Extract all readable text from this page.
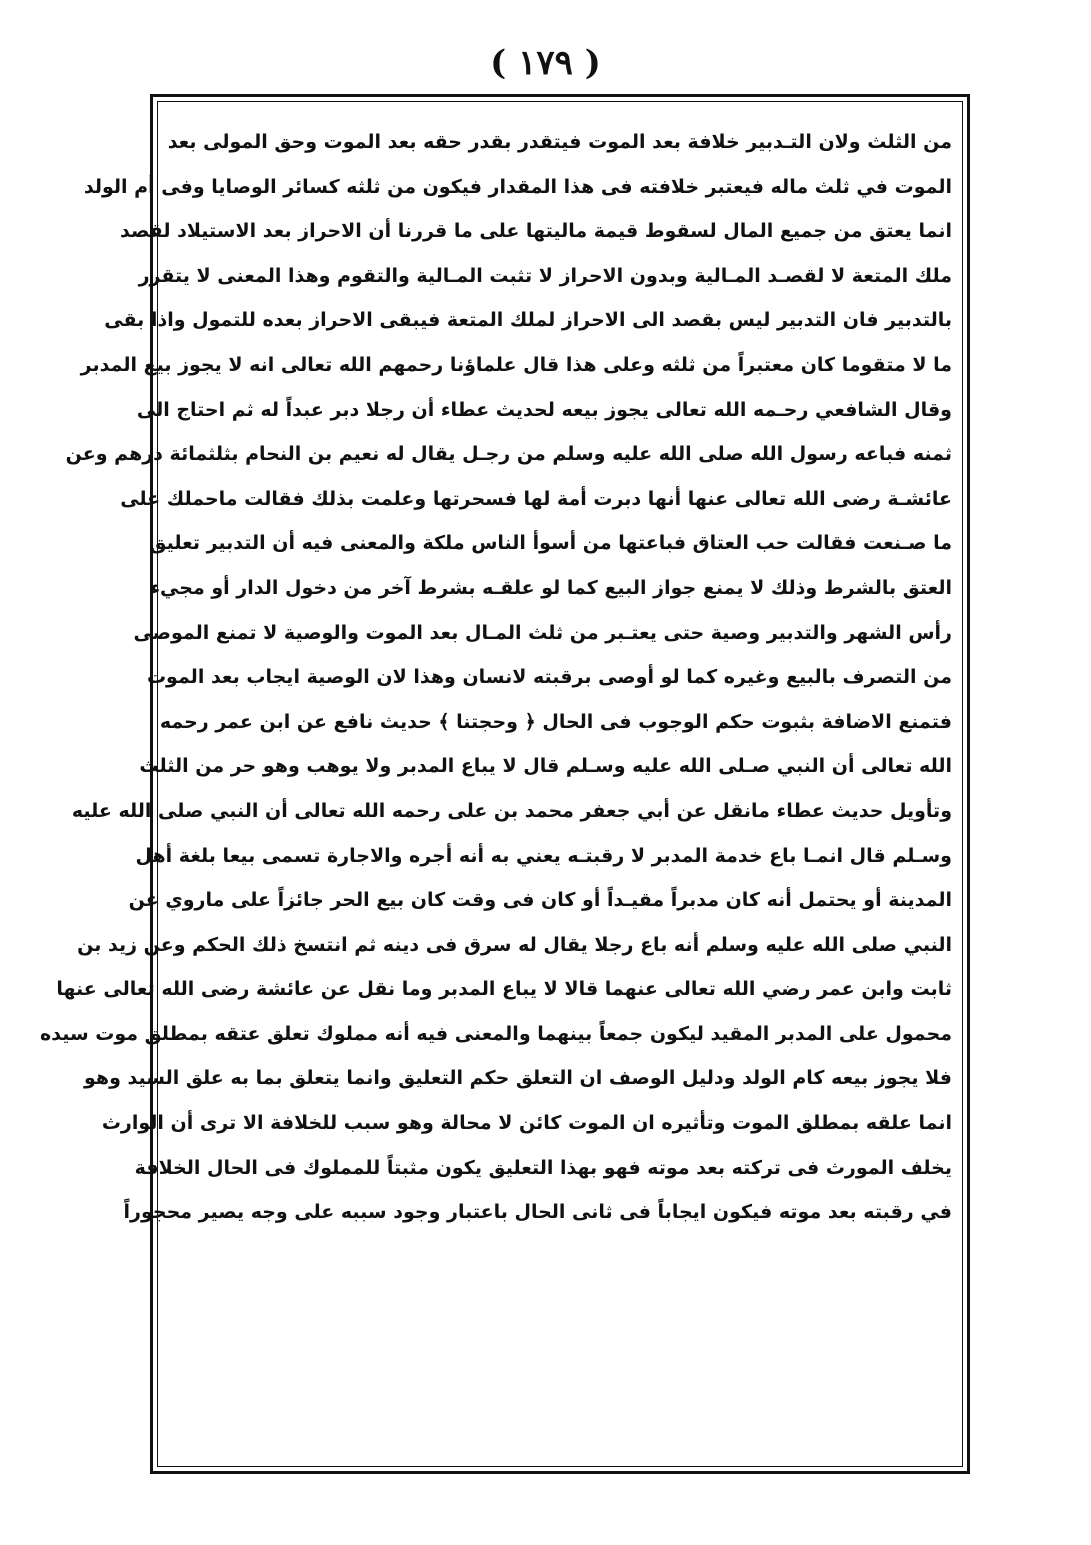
( ١٧٩ )
من الثلث ولان التـدبير خلافة بعد الموت فيتقدر بقدر حقه بعد الموت وحق المولى بعد
الموت في ثلث ماله فيعتبر خلافته فى هذا المقدار فيكون من ثلثه كسائر الوصايا وفى أم الولد
انما يعتق من جميع المال لسقوط قيمة ماليتها على ما قررنا أن الاحراز بعد الاستيلاد لقصد
ملك المتعة لا لقصـد المـالية وبدون الاحراز لا تثبت المـالية والتقوم وهذا المعنى لا يتقرر
بالتدبير فان التدبير ليس بقصد الى الاحراز لملك المتعة فيبقى الاحراز بعده للتمول واذا بقى
ما لا متقوما كان معتبراً من ثلثه وعلى هذا قال علماؤنا رحمهم الله تعالى انه لا يجوز بيع المدبر
وقال الشافعي رحـمه الله تعالى يجوز بيعه لحديث عطاء أن رجلا دبر عبداً له ثم احتاج الى
ثمنه فباعه رسول الله صلى الله عليه وسلم من رجـل يقال له نعيم بن النحام بثلثمائة درهم وعن
عائشـة رضى الله تعالى عنها أنها دبرت أمة لها فسحرتها وعلمت بذلك فقالت ماحملك على
ما صـنعت فقالت حب العتاق فباعتها من أسوأ الناس ملكة والمعنى فيه أن التدبير تعليق
العتق بالشرط وذلك لا يمنع جواز البيع كما لو علقـه بشرط آخر من دخول الدار أو مجيء
رأس الشهر والتدبير وصية حتى يعتـبر من ثلث المـال بعد الموت والوصية لا تمنع الموصى
من التصرف بالبيع وغيره كما لو أوصى برقبته لانسان وهذا لان الوصية ايجاب بعد الموت
فتمنع الاضافة بثبوت حكم الوجوب فى الحال ﴿ وحجتنا ﴾ حديث نافع عن ابن عمر رحمه
الله تعالى أن النبي صـلى الله عليه وسـلم قال لا يباع المدبر ولا يوهب وهو حر من الثلث
وتأويل حديث عطاء مانقل عن أبي جعفر محمد بن على رحمه الله تعالى أن النبي صلى الله عليه
وسـلم قال انمـا باع خدمة المدبر لا رقبتـه يعني به أنه أجره والاجارة تسمى بيعا بلغة أهل
المدينة أو يحتمل أنه كان مدبراً مقيـداً أو كان فى وقت كان بيع الحر جائزاً على ماروي عن
النبي صلى الله عليه وسلم أنه باع رجلا يقال له سرق فى دينه ثم انتسخ ذلك الحكم وعن زيد بن
ثابت وابن عمر رضي الله تعالى عنهما قالا لا يباع المدبر وما نقل عن عائشة رضى الله تعالى عنها
محمول على المدبر المقيد ليكون جمعاً بينهما والمعنى فيه أنه مملوك تعلق عتقه بمطلق موت سيده
فلا يجوز بيعه كام الولد ودليل الوصف ان التعلق حكم التعليق وانما يتعلق بما به علق السيد وهو
انما علقه بمطلق الموت وتأثيره ان الموت كائن لا محالة وهو سبب للخلافة الا ترى أن الوارث
يخلف المورث فى تركته بعد موته فهو بهذا التعليق يكون مثبتاً للمملوك فى الحال الخلافة
في رقبته بعد موته فيكون ايجاباً فى ثانى الحال باعتبار وجود سببه على وجه يصير محجوراً
